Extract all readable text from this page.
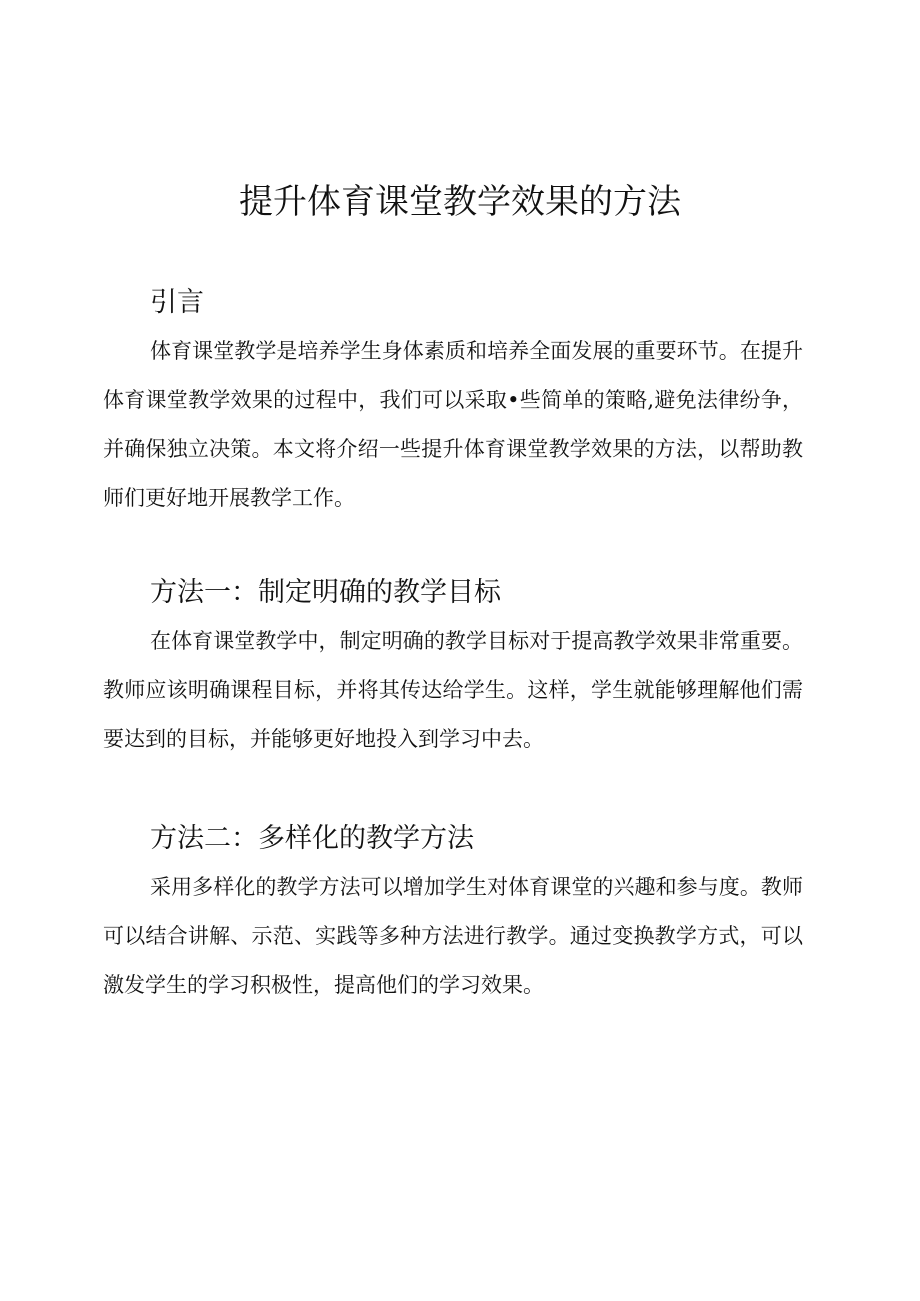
提升体育课堂教学效果的方法
引言

体育课堂教学是培养学生身体素质和培养全面发展的重要环节。在提升体育课堂教学效果的过程中，我们可以采取•些简单的策略,避免法律纷争，并确保独立决策。本文将介绍一些提升体育课堂教学效果的方法，以帮助教师们更好地开展教学工作。

方法一：制定明确的教学目标

在体育课堂教学中，制定明确的教学目标对于提高教学效果非常重要。教师应该明确课程目标，并将其传达给学生。这样，学生就能够理解他们需要达到的目标，并能够更好地投入到学习中去。

方法二：多样化的教学方法

采用多样化的教学方法可以增加学生对体育课堂的兴趣和参与度。教师可以结合讲解、示范、实践等多种方法进行教学。通过变换教学方式，可以激发学生的学习积极性，提高他们的学习效果。
